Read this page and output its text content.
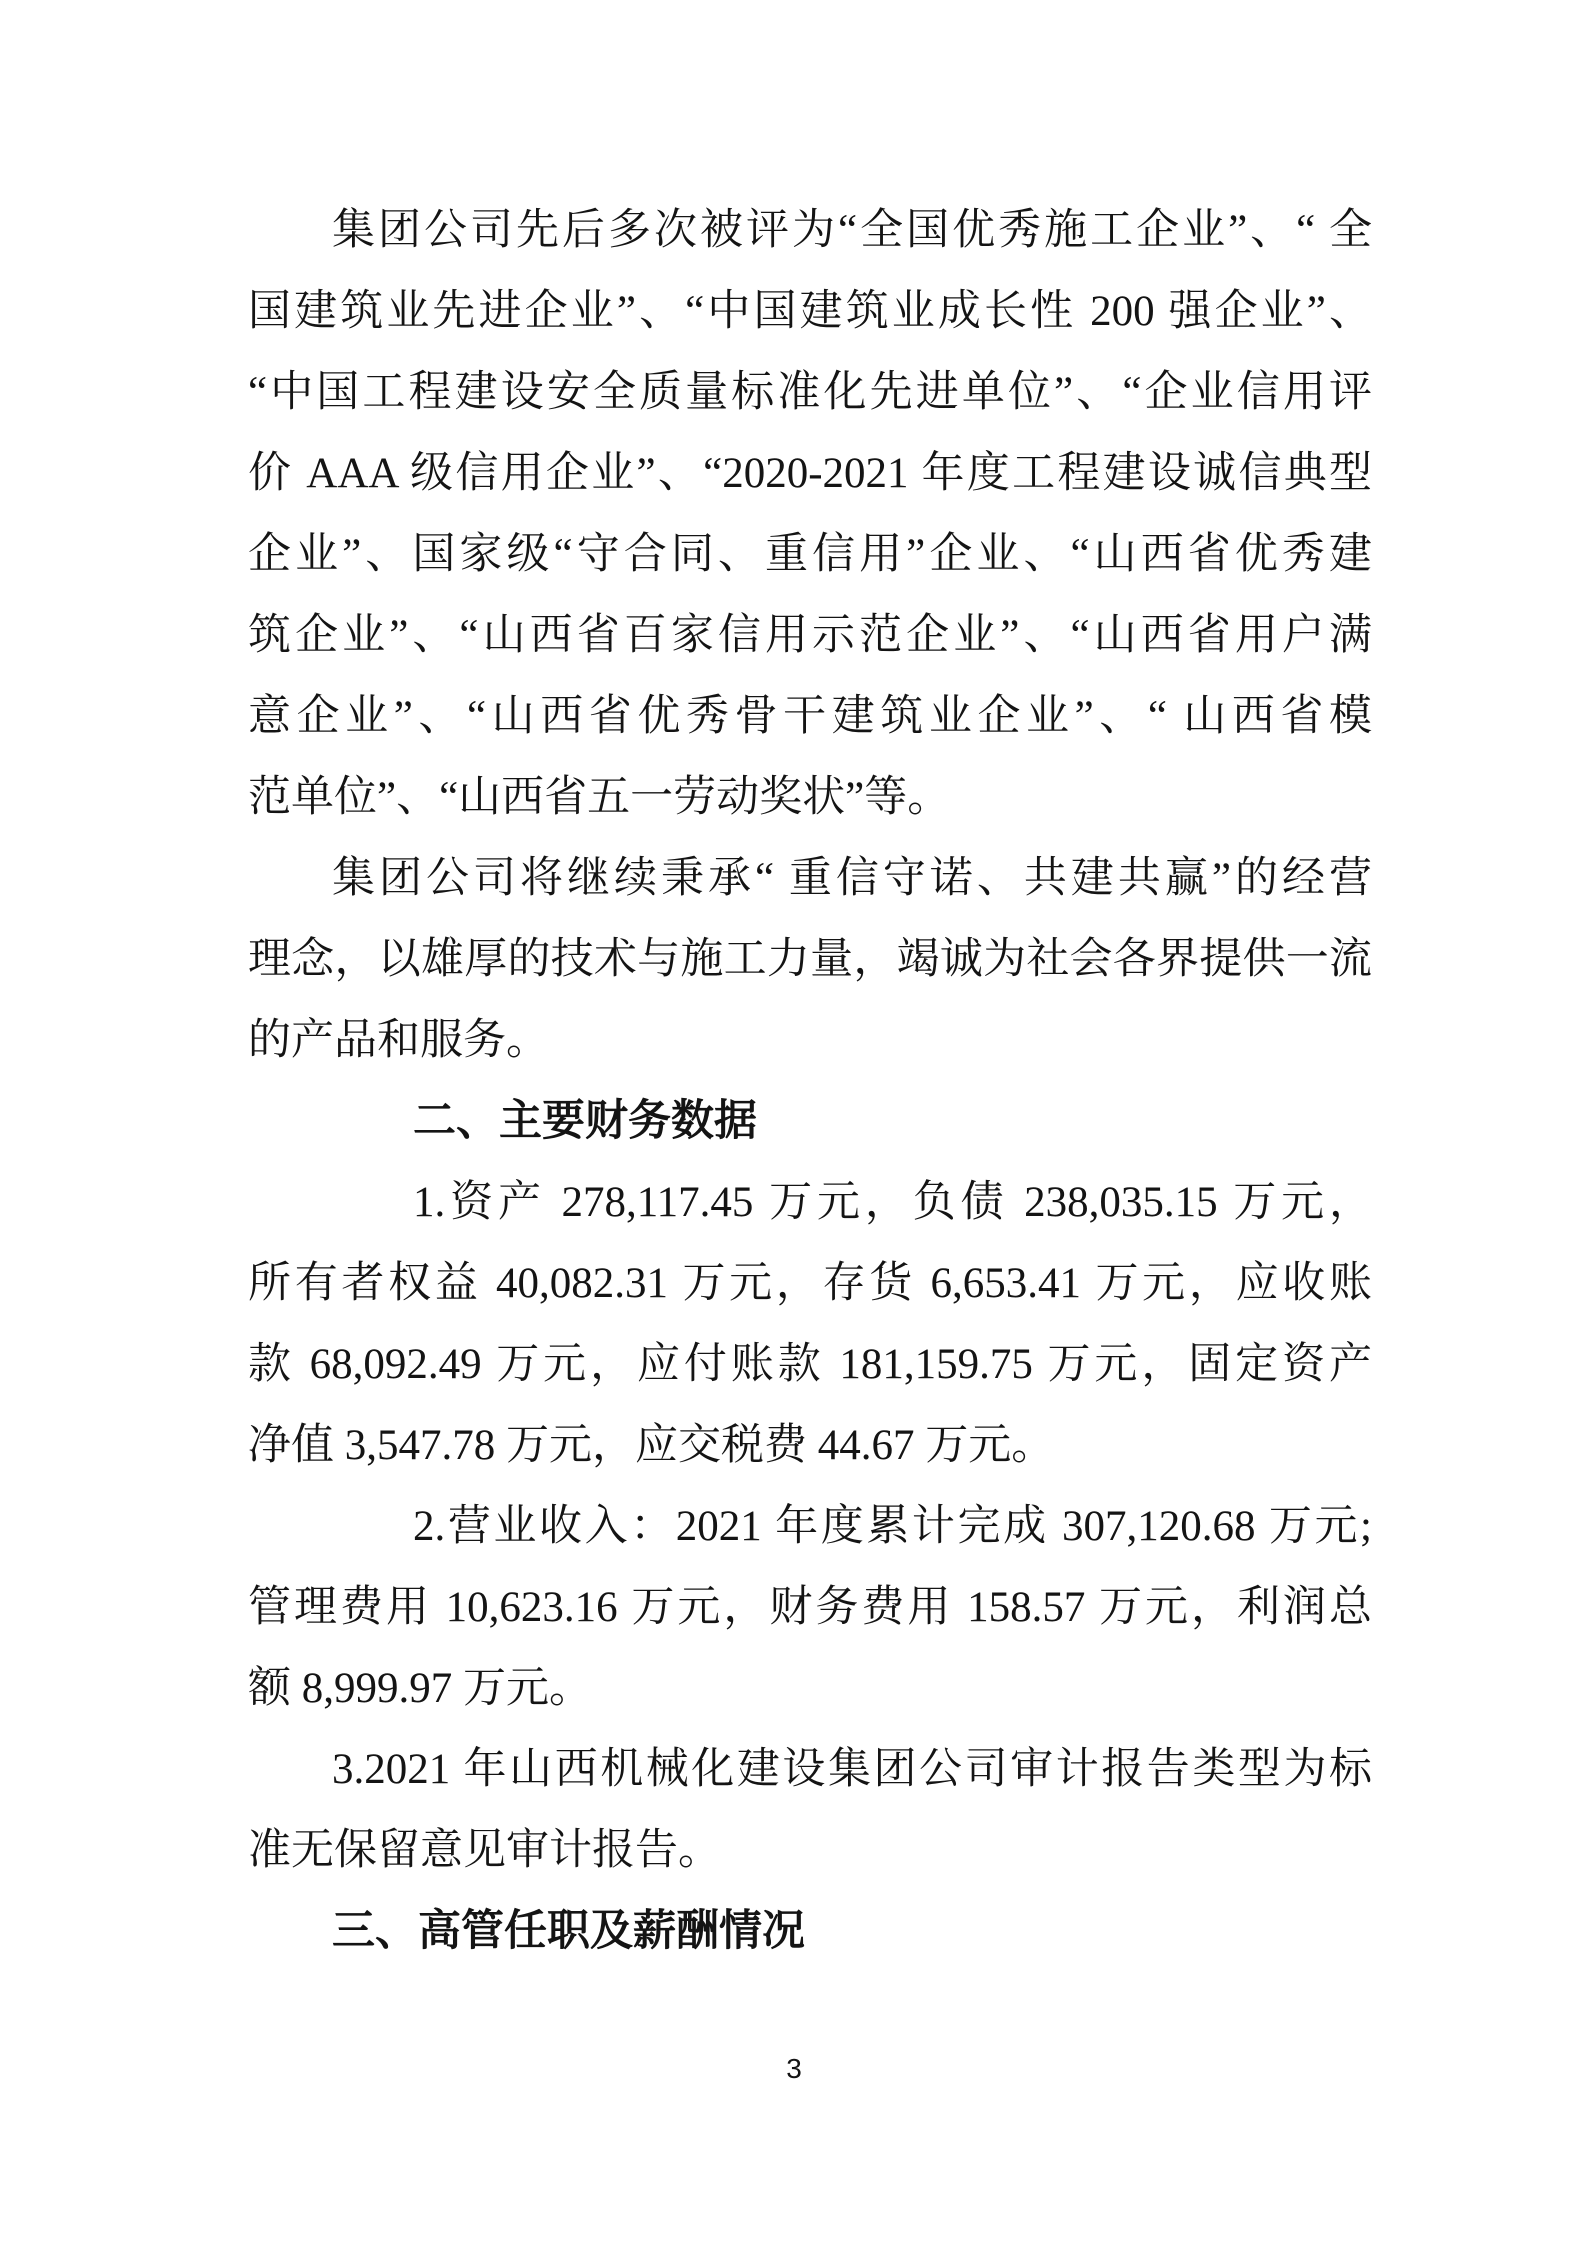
集团公司先后多次被评为“全国优秀施工企业”、“ 全
国建筑业先进企业”、“中国建筑业成长性 200 强企业”、
“中国工程建设安全质量标准化先进单位”、“企业信用评
价 AAA 级信用企业”、“2020-2021 年度工程建设诚信典型
企业”、国家级“守合同、重信用”企业、“山西省优秀建
筑企业”、“山西省百家信用示范企业”、“山西省用户满
意企业”、“山西省优秀骨干建筑业企业”、“ 山西省模
范单位”、“山西省五一劳动奖状”等。
集团公司将继续秉承“ 重信守诺、共建共赢”的经营
理念，以雄厚的技术与施工力量，竭诚为社会各界提供一流
的产品和服务。
二、主要财务数据
1.资产 278,117.45 万元，负债 238,035.15 万元，
所有者权益 40,082.31 万元，存货 6,653.41 万元，应收账
款 68,092.49 万元，应付账款 181,159.75 万元，固定资产
净值 3,547.78 万元，应交税费 44.67 万元。
2.营业收入：2021 年度累计完成 307,120.68 万元;
管理费用 10,623.16 万元，财务费用 158.57 万元，利润总
额 8,999.97 万元。
3.2021 年山西机械化建设集团公司审计报告类型为标
准无保留意见审计报告。
三、高管任职及薪酬情况
3
